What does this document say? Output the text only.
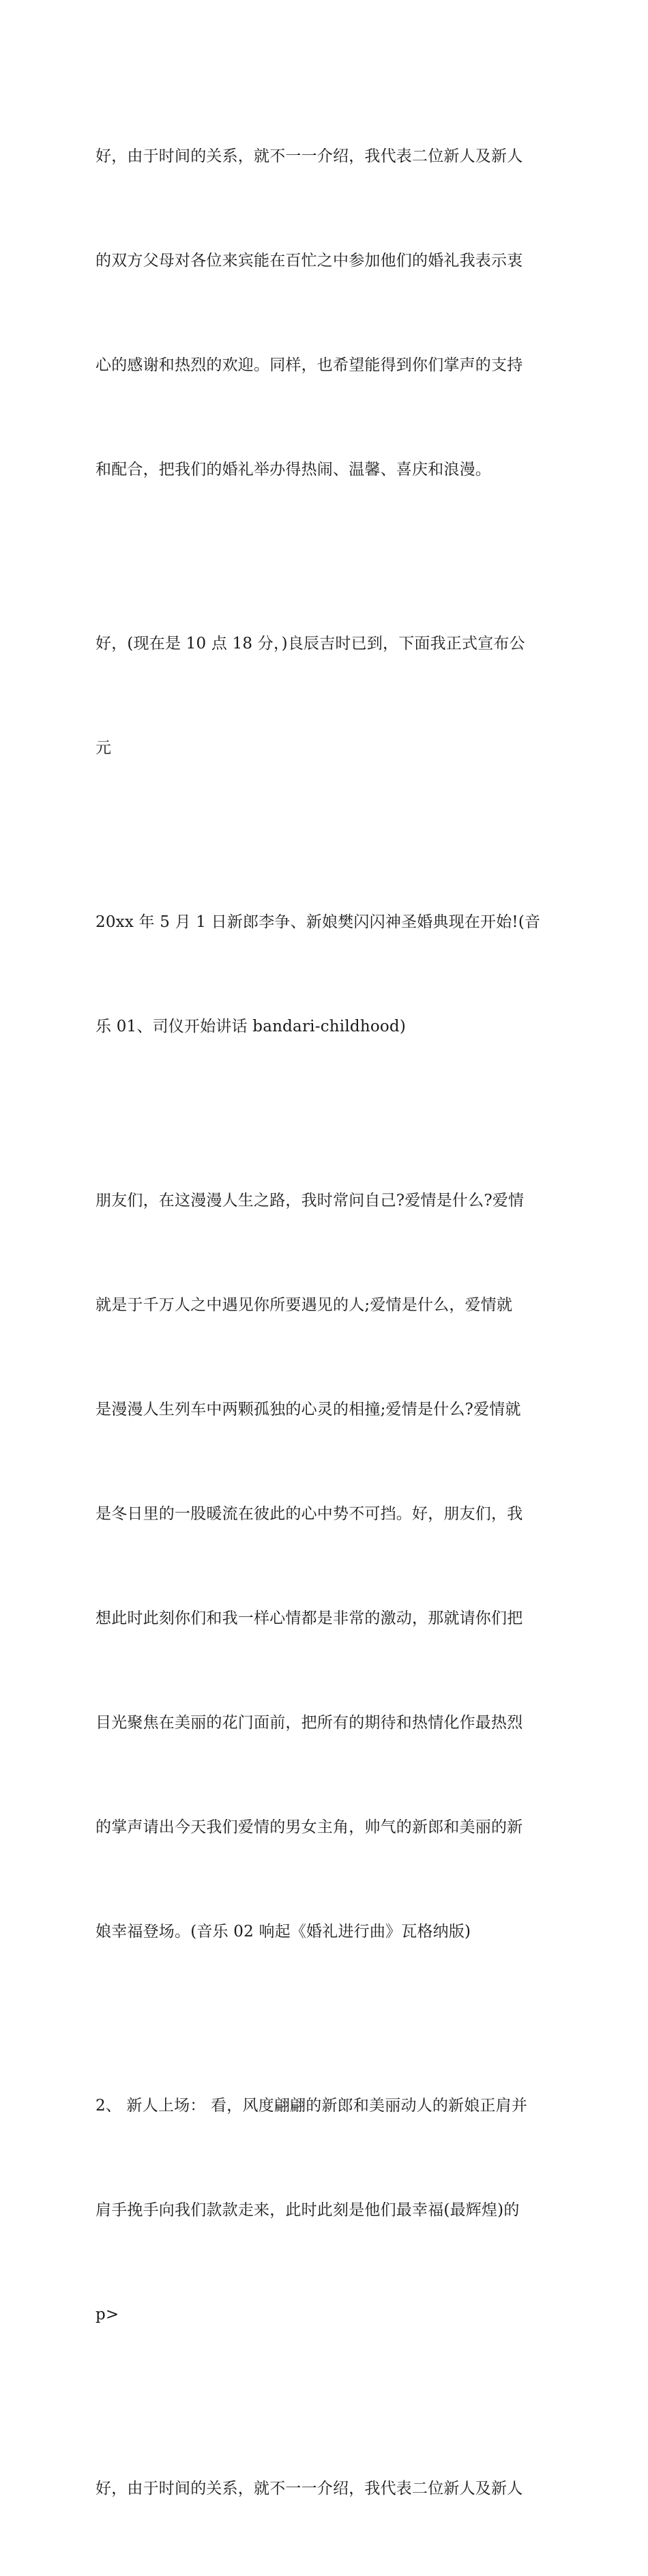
好，由于时间的关系，就不一一介绍，我代表二位新人及新人

的双方父母对各位来宾能在百忙之中参加他们的婚礼我表示衷

心的感谢和热烈的欢迎。同样，也希望能得到你们掌声的支持

和配合，把我们的婚礼举办得热闹、温馨、喜庆和浪漫。

好，(现在是 10 点 18 分，)良辰吉时已到，下面我正式宣布公

元

20xx 年 5 月 1 日新郎李争、新娘樊闪闪神圣婚典现在开始!(音

乐 01、司仪开始讲话 bandari-childhood)

朋友们，在这漫漫人生之路，我时常问自己?爱情是什么?爱情

就是于千万人之中遇见你所要遇见的人;爱情是什么，爱情就

是漫漫人生列车中两颗孤独的心灵的相撞;爱情是什么?爱情就

是冬日里的一股暖流在彼此的心中势不可挡。好，朋友们，我

想此时此刻你们和我一样心情都是非常的激动，那就请你们把

目光聚焦在美丽的花门面前，把所有的期待和热情化作最热烈

的掌声请出今天我们爱情的男女主角，帅气的新郎和美丽的新

娘幸福登场。(音乐 02 响起《婚礼进行曲》瓦格纳版)

2、 新人上场： 看，风度翩翩的新郎和美丽动人的新娘正肩并

肩手挽手向我们款款走来，此时此刻是他们最幸福(最辉煌)的

p>

好，由于时间的关系，就不一一介绍，我代表二位新人及新人
